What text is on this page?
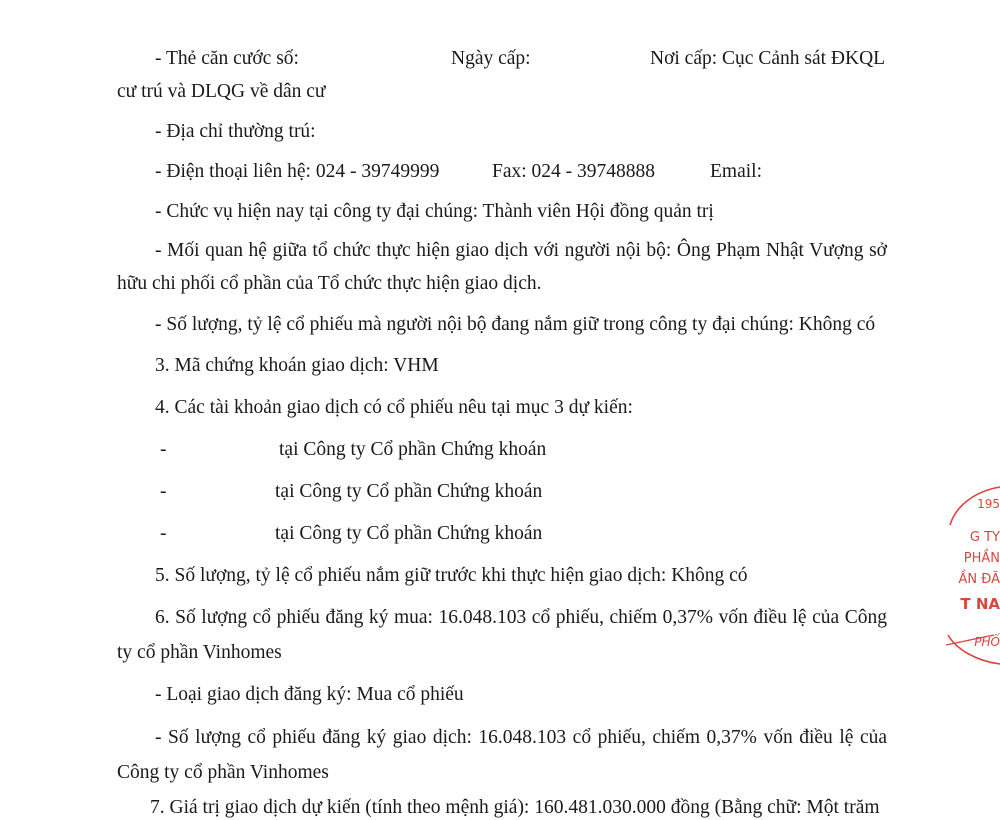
- Thẻ căn cước số:	Ngày cấp:	Nơi cấp: Cục Cảnh sát ĐKQL

cư trú và DLQG về dân cư

- Địa chỉ thường trú:

- Điện thoại liên hệ: 024 - 39749999	Fax: 024 - 39748888	Email:

- Chức vụ hiện nay tại công ty đại chúng: Thành viên Hội đồng quản trị

- Mối quan hệ giữa tổ chức thực hiện giao dịch với người nội bộ: Ông Phạm Nhật Vượng sở

hữu chi phối cổ phần của Tổ chức thực hiện giao dịch.

- Số lượng, tỷ lệ cổ phiếu mà người nội bộ đang nắm giữ trong công ty đại chúng: Không có

3. Mã chứng khoán giao dịch: VHM

4. Các tài khoản giao dịch có cổ phiếu nêu tại mục 3 dự kiến:

-	tại Công ty Cổ phần Chứng khoán

-	tại Công ty Cổ phần Chứng khoán

-	tại Công ty Cổ phần Chứng khoán

5. Số lượng, tỷ lệ cổ phiếu nắm giữ trước khi thực hiện giao dịch: Không có

6. Số lượng cổ phiếu đăng ký mua: 16.048.103 cổ phiếu, chiếm 0,37% vốn điều lệ của Công

ty cổ phần Vinhomes

- Loại giao dịch đăng ký: Mua cổ phiếu

- Số lượng cổ phiếu đăng ký giao dịch: 16.048.103 cổ phiếu, chiếm 0,37% vốn điều lệ của

Công ty cổ phần Vinhomes

7. Giá trị giao dịch dự kiến (tính theo mệnh giá): 160.481.030.000 đồng (Bằng chữ: Một trăm

195
G TY
PHẦN
ẦN ĐÃ
T NA
PHỐ
